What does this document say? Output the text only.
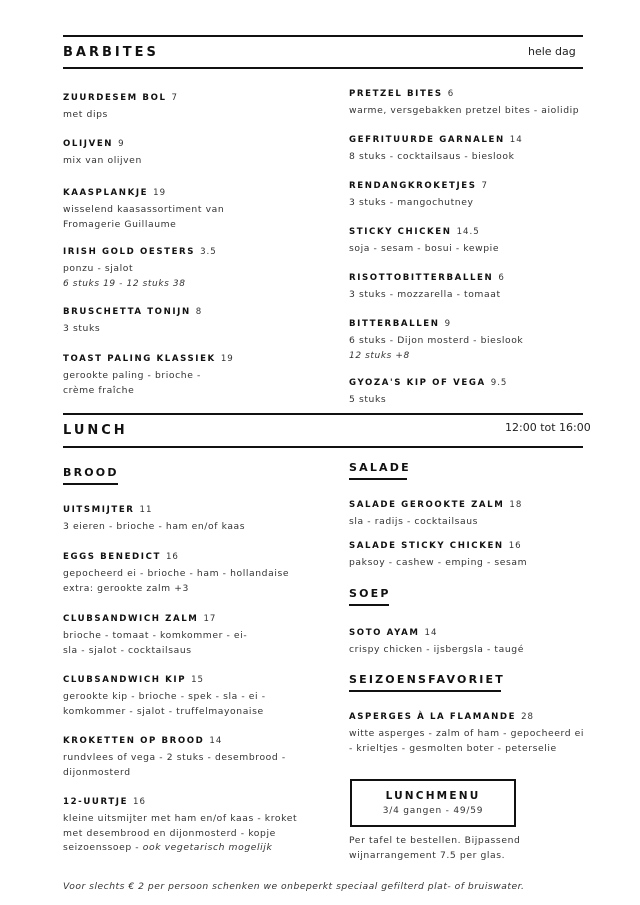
BARBITES	hele dag
ZUURDESEM BOL 7
met dips
OLIJVEN 9
mix van olijven
KAASPLANKJE 19
wisselend kaasassortiment van
Fromagerie Guillaume
IRISH GOLD OESTERS 3.5
ponzu - sjalot
6 stuks 19 - 12 stuks 38
BRUSCHETTA TONIJN 8
3 stuks
TOAST PALING KLASSIEK 19
gerookte paling - brioche -
crème fraîche
PRETZEL BITES 6
warme, versgebakken pretzel bites - aiolidip
GEFRITUURDE GARNALEN 14
8 stuks - cocktailsaus - bieslook
RENDANGKROKETJES 7
3 stuks - mangochutney
STICKY CHICKEN 14.5
soja - sesam - bosui - kewpie
RISOTTOBITTERBALLEN 6
3 stuks - mozzarella - tomaat
BITTERBALLEN 9
6 stuks - Dijon mosterd - bieslook
12 stuks +8
GYOZA'S KIP OF VEGA 9.5
5 stuks
LUNCH	12:00 tot 16:00
BROOD
UITSMIJTER 11
3 eieren - brioche - ham en/of kaas
EGGS BENEDICT 16
gepocheerd ei - brioche - ham - hollandaise
extra: gerookte zalm +3
CLUBSANDWICH ZALM 17
brioche - tomaat - komkommer - ei-
sla - sjalot - cocktailsaus
CLUBSANDWICH KIP 15
gerookte kip - brioche - spek - sla - ei -
komkommer - sjalot - truffelmayonaise
KROKETTEN OP BROOD 14
rundvlees of vega - 2 stuks - desembrood -
dijonmosterd
12-UURTJE 16
kleine uitsmijter met ham en/of kaas - kroket
met desembrood en dijonmosterd - kopje
seizoenssoep - ook vegetarisch mogelijk
SALADE
SALADE GEROOKTE ZALM 18
sla - radijs - cocktailsaus
SALADE STICKY CHICKEN 16
paksoy - cashew - emping - sesam
SOEP
SOTO AYAM 14
crispy chicken - ijsbergsla - taugé
SEIZOENSFAVORIET
ASPERGES À LA FLAMANDE 28
witte asperges - zalm of ham - gepocheerd ei
- krieltjes - gesmolten boter - peterselie
LUNCHMENU
3/4 gangen - 49/59
Per tafel te bestellen. Bijpassend
wijnarrangement 7.5 per glas.
Voor slechts € 2 per persoon schenken we onbeperkt speciaal gefilterd plat- of bruiswater.
